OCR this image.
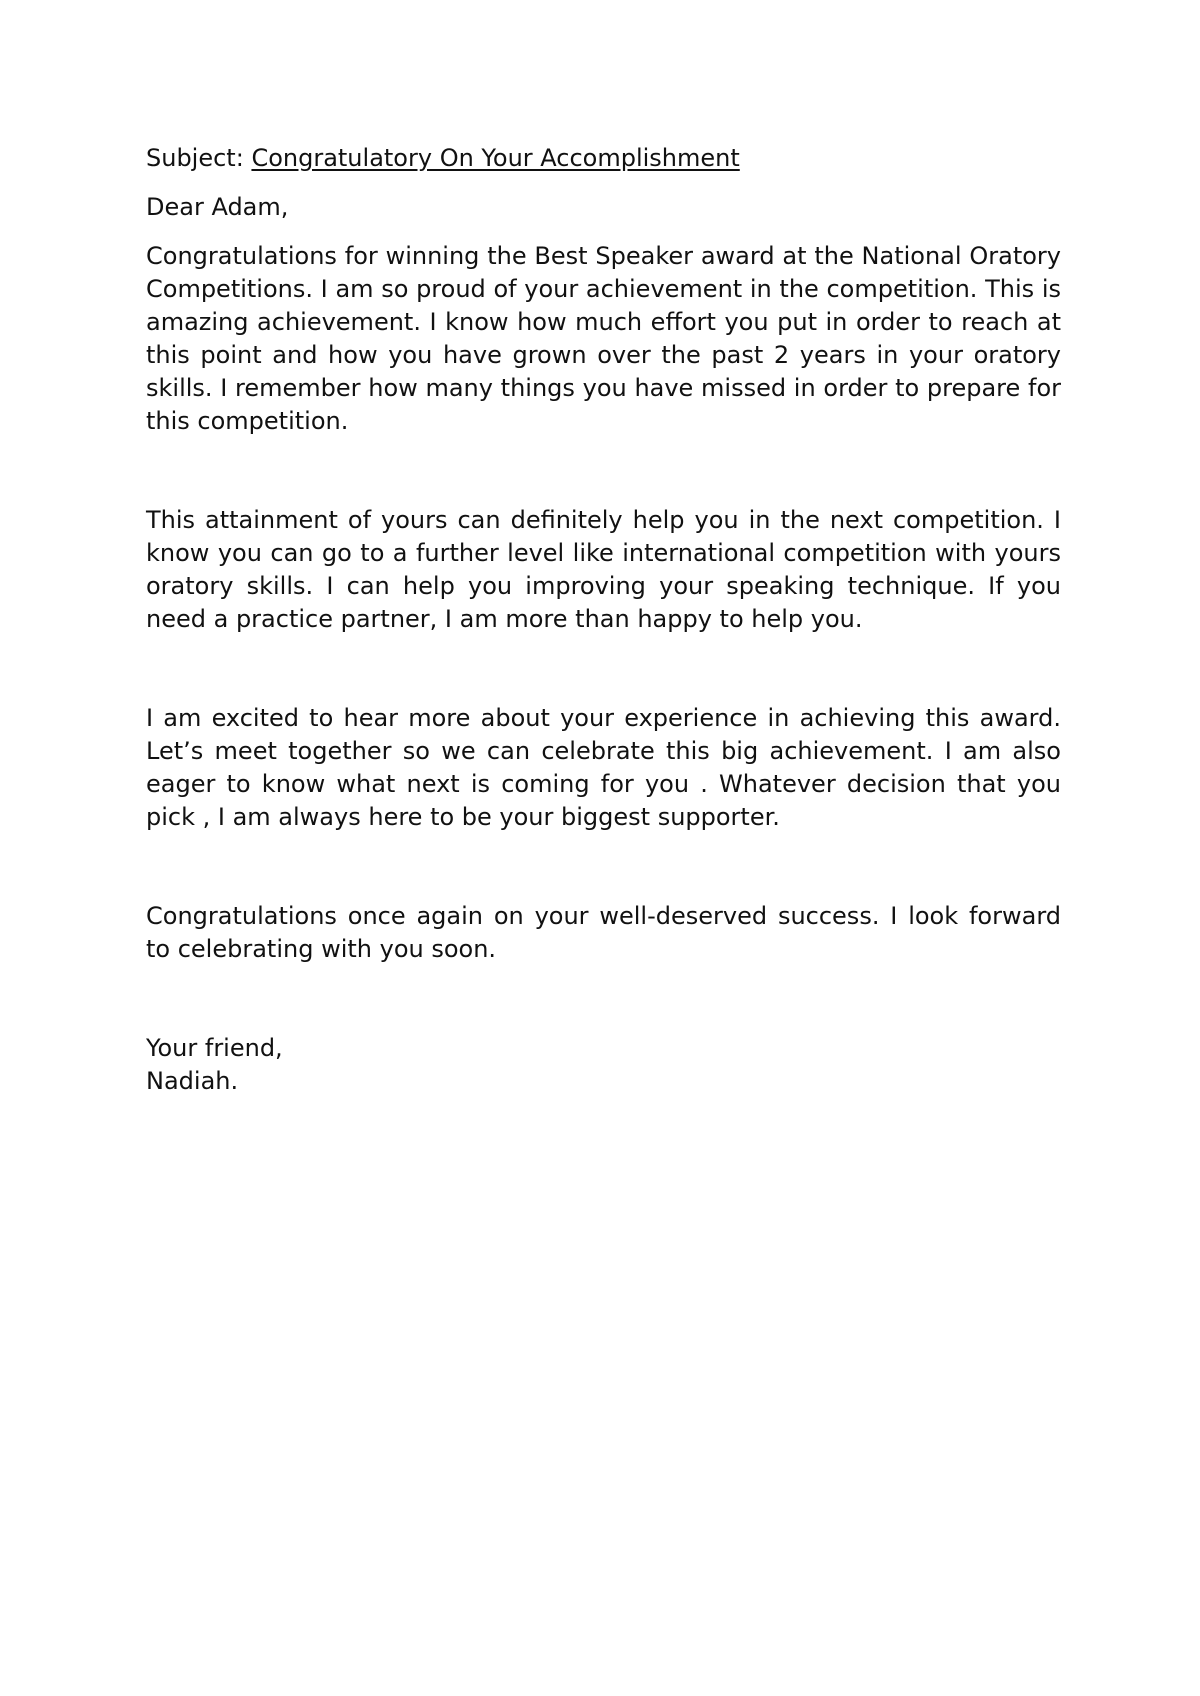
Subject: Congratulatory On Your Accomplishment

Dear Adam,

Congratulations for winning the Best Speaker award at the National Oratory Competitions. I am so proud of your achievement in the competition. This is amazing achievement. I know how much effort you put in order to reach at this point and how you have grown over the past 2 years in your oratory skills. I remember how many things you have missed in order to prepare for this competition.

This attainment of yours can definitely help you in the next competition. I know you can go to a further level like international competition with yours oratory skills. I can help you improving your speaking technique. If you need a practice partner, I am more than happy to help you.

I am excited to hear more about your experience in achieving this award. Let’s meet together so we can celebrate this big achievement. I am also eager to know what next is coming for you . Whatever decision that you pick , I am always here to be your biggest supporter.

Congratulations once again on your well-deserved success. I look forward to celebrating with you soon.

Your friend,

Nadiah.
